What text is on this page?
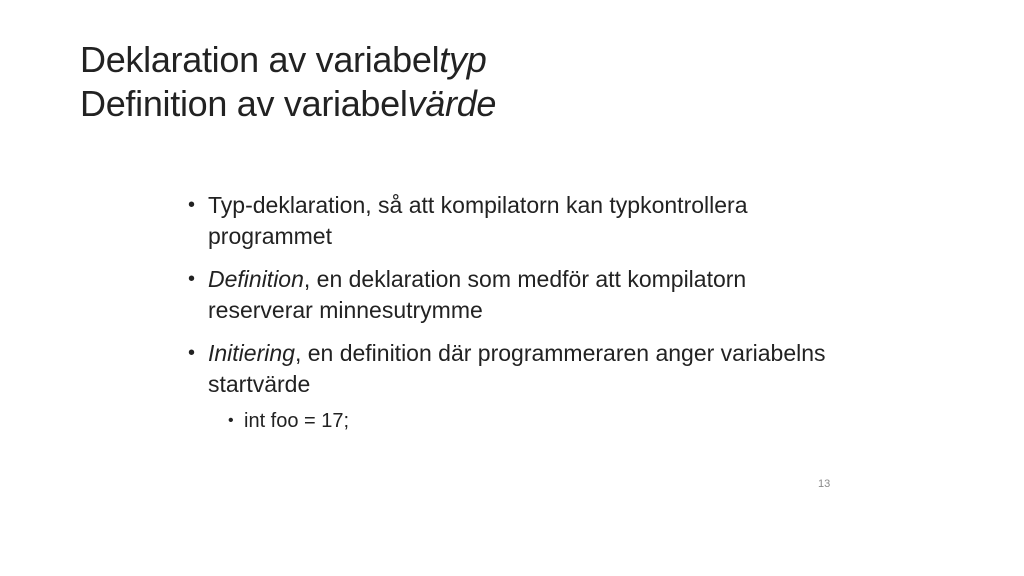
Deklaration av variabeltyp
Definition av variabelvärde
• Typ-deklaration, så att kompilatorn kan typkontrollera programmet
• Definition, en deklaration som medför att kompilatorn reserverar minnesutrymme
• Initiering, en definition där programmeraren anger variabelns startvärde
• int foo = 17;
13
